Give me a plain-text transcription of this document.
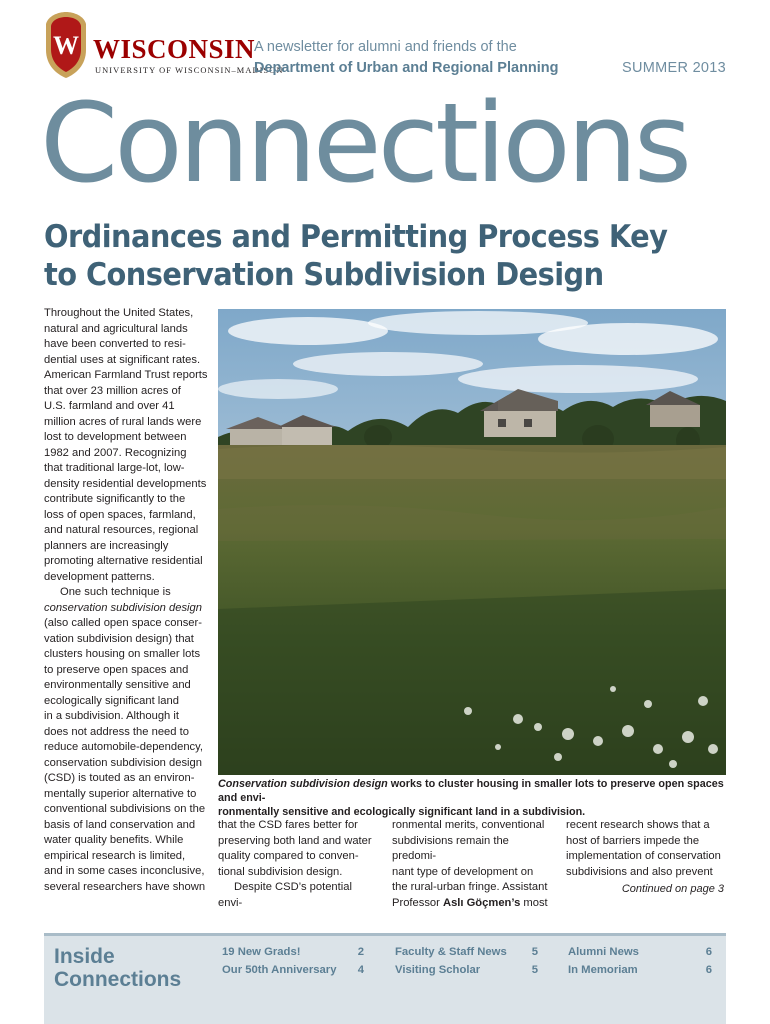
W WISCONSIN
UNIVERSITY OF WISCONSIN–MADISON
A newsletter for alumni and friends of the
Department of Urban and Regional Planning	SUMMER 2013
Connections
Ordinances and Permitting Process Key
to Conservation Subdivision Design

Throughout the United States,

natural and agricultural lands

have been converted to resi-

dential uses at significant rates.

American Farmland Trust reports

that over 23 million acres of

U.S. farmland and over 41

million acres of rural lands were

lost to development between

1982 and 2007. Recognizing

that traditional large-lot, low-

density residential developments

contribute significantly to the

loss of open spaces, farmland,

and natural resources, regional

planners are increasingly

promoting alternative residential

development patterns.

One such technique is

conservation subdivision design

(also called open space conser-

vation subdivision design) that

clusters housing on smaller lots

to preserve open spaces and

environmentally sensitive and

ecologically significant land

in a subdivision. Although it

does not address the need to

reduce automobile-dependency,

conservation subdivision design

(CSD) is touted as an environ-

mentally superior alternative to

conventional subdivisions on the

basis of land conservation and

water quality benefits. While

empirical research is limited,

and in some cases inconclusive,

several researchers have shown

Conservation subdivision design works to cluster housing in smaller lots to preserve open spaces and envi-
ronmentally sensitive and ecologically significant land in a subdivision.

that the CSD fares better for

preserving both land and water

quality compared to conven-

tional subdivision design.

Despite CSD’s potential envi-

ronmental merits, conventional

subdivisions remain the predomi-

nant type of development on

the rural-urban fringe. Assistant

Professor Aslı Göçmen’s most

recent research shows that a

host of barriers impede the

implementation of conservation

subdivisions and also prevent

Continued on page 3
Inside
Connections
19 New Grads!	2
Our 50th Anniversary	4
Faculty & Staff News	5
Visiting Scholar	5
Alumni News	6
In Memoriam	6
